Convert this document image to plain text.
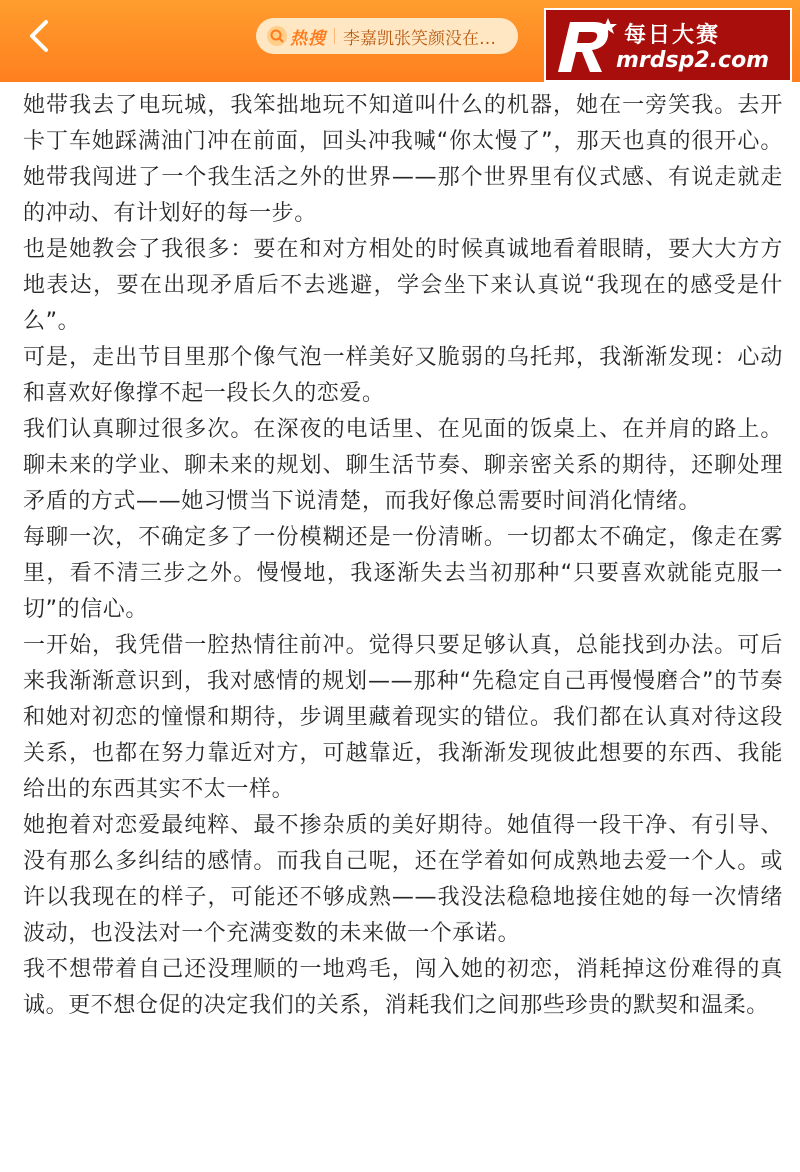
热搜 李嘉凯张笑颜没在…	每日大赛
mrdsp2.com

她带我去了电玩城，我笨拙地玩不知道叫什么的机器，她在一旁笑我。去开卡丁车她踩满油门冲在前面，回头冲我喊“你太慢了”，那天也真的很开心。她带我闯进了一个我生活之外的世界——那个世界里有仪式感、有说走就走的冲动、有计划好的每一步。

也是她教会了我很多：要在和对方相处的时候真诚地看着眼睛，要大大方方地表达，要在出现矛盾后不去逃避，学会坐下来认真说“我现在的感受是什么”。

可是，走出节目里那个像气泡一样美好又脆弱的乌托邦，我渐渐发现：心动和喜欢好像撑不起一段长久的恋爱。

我们认真聊过很多次。在深夜的电话里、在见面的饭桌上、在并肩的路上。聊未来的学业、聊未来的规划、聊生活节奏、聊亲密关系的期待，还聊处理矛盾的方式——她习惯当下说清楚，而我好像总需要时间消化情绪。

每聊一次，不确定多了一份模糊还是一份清晰。一切都太不确定，像走在雾里，看不清三步之外。慢慢地，我逐渐失去当初那种“只要喜欢就能克服一切”的信心。

一开始，我凭借一腔热情往前冲。觉得只要足够认真，总能找到办法。可后来我渐渐意识到，我对感情的规划——那种“先稳定自己再慢慢磨合”的节奏和她对初恋的憧憬和期待，步调里藏着现实的错位。我们都在认真对待这段关系，也都在努力靠近对方，可越靠近，我渐渐发现彼此想要的东西、我能给出的东西其实不太一样。

她抱着对恋爱最纯粹、最不掺杂质的美好期待。她值得一段干净、有引导、没有那么多纠结的感情。而我自己呢，还在学着如何成熟地去爱一个人。或许以我现在的样子，可能还不够成熟——我没法稳稳地接住她的每一次情绪波动，也没法对一个充满变数的未来做一个承诺。

我不想带着自己还没理顺的一地鸡毛，闯入她的初恋，消耗掉这份难得的真诚。更不想仓促的决定我们的关系，消耗我们之间那些珍贵的默契和温柔。
